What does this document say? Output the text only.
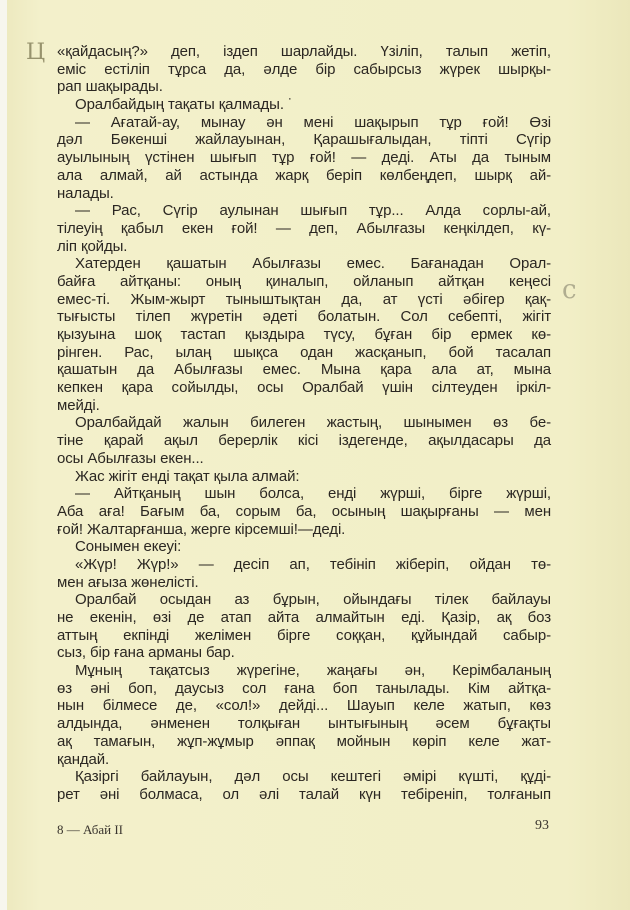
Ц
c
«қайдасың?» деп, іздеп шарлайды. Үзіліп, талып жетіп,
еміс естіліп тұрса да, әлде бір сабырсыз жүрек шырқы-
рап шақырады.
Оралбайдың тақаты қалмады. ˙
— Ағатай-ау, мынау ән мені шақырып тұр ғой! Өзі
дәл Бөкенші жайлауынан, Қарашығалыдан, тіпті Сүгір
ауылының үстінен шығып тұр ғой! — деді. Аты да тыным
ала алмай, ай астында жарқ беріп көлбеңдеп, шырқ ай-
налады.
— Рас, Сүгір аулынан шығып тұр... Алда сорлы-ай,
тілеуің қабыл екен ғой! — деп, Абылғазы кеңкілдеп, кү-
ліп қойды.
Хатерден қашатын Абылғазы емес. Бағанадан Орал-
байға айтқаны: оның қиналып, ойланып айтқан кеңесі
емес-ті. Жым-жырт тыныштықтан да, ат үсті әбігер қақ-
тығысты тілеп жүретін әдеті болатын. Сол себепті, жігіт
қызуына шоқ тастап қыздыра түсу, бұған бір ермек кө-
рінген. Рас, ылаң шықса одан жасқанып, бой тасалап
қашатын да Абылғазы емес. Мына қара ала ат, мына
кепкен қара сойылды, осы Оралбай үшін сілтеуден іркіл-
мейді.
Оралбайдай жалын билеген жастың, шынымен өз бе-
тіне қарай ақыл берерлік кісі іздегенде, ақылдасары да
осы Абылғазы екен...
Жас жігіт енді тақат қыла алмай:
— Айтқаның шын болса, енді жүрші, бірге жүрші,
Аба аға! Бағым ба, сорым ба, осының шақырғаны — мен
ғой! Жалтарғанша, жерге кірсемші!—деді.
Сонымен екеуі:
«Жүр! Жүр!» — десіп ап, тебініп жіберіп, ойдан тө-
мен ағыза жөнелісті.
Оралбай осыдан аз бұрын, ойындағы тілек байлауы
не екенін, өзі де атап айта алмайтын еді. Қазір, ақ боз
аттың екпінді желімен бірге соққан, құйындай сабыр-
сыз, бір ғана арманы бар.
Мұның тақатсыз жүрегіне, жаңағы ән, Керімбаланың
өз әні боп, даусыз сол ғана боп танылады. Кім айтқа-
нын білмесе де, «сол!» дейді... Шауып келе жатып, көз
алдында, әнменен толқыған ынтығының әсем бұғақты
ақ тамағын, жұп-жұмыр әппақ мойнын көріп келе жат-
қандай.
Қазіргі байлауын, дәл осы кештегі әмірі күшті, құді-
рет әні болмаса, ол әлі талай күн тебіреніп, толғанып
8 — Абай II	93
